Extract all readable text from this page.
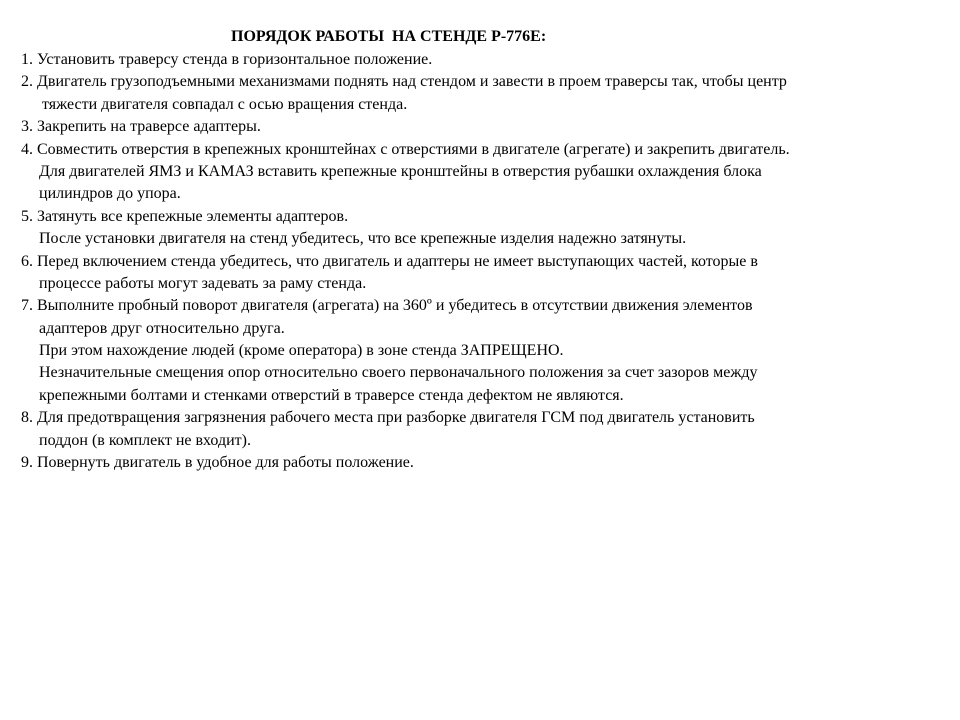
ПОРЯДОК РАБОТЫ  НА СТЕНДЕ Р-776Е:
1. Установить траверсу стенда в горизонтальное положение.
2. Двигатель грузоподъемными механизмами поднять над стендом и завести в проем траверсы так, чтобы центр
тяжести двигателя совпадал с осью вращения стенда.
3. Закрепить на траверсе адаптеры.
4. Совместить отверстия в крепежных кронштейнах с отверстиями в двигателе (агрегате) и закрепить двигатель.
Для двигателей ЯМЗ и КАМАЗ вставить крепежные кронштейны в отверстия рубашки охлаждения блока
цилиндров до упора.
5. Затянуть все крепежные элементы адаптеров.
После установки двигателя на стенд убедитесь, что все крепежные изделия надежно затянуты.
6. Перед включением стенда убедитесь, что двигатель и адаптеры не имеет выступающих частей, которые в
процессе работы могут задевать за раму стенда.
7. Выполните пробный поворот двигателя (агрегата) на 360º и убедитесь в отсутствии движения элементов
адаптеров друг относительно друга.
При этом нахождение людей (кроме оператора) в зоне стенда ЗАПРЕЩЕНО.
Незначительные смещения опор относительно своего первоначального положения за счет зазоров между
крепежными болтами и стенками отверстий в траверсе стенда дефектом не являются.
8. Для предотвращения загрязнения рабочего места при разборке двигателя ГСМ под двигатель установить
поддон (в комплект не входит).
9. Повернуть двигатель в удобное для работы положение.
